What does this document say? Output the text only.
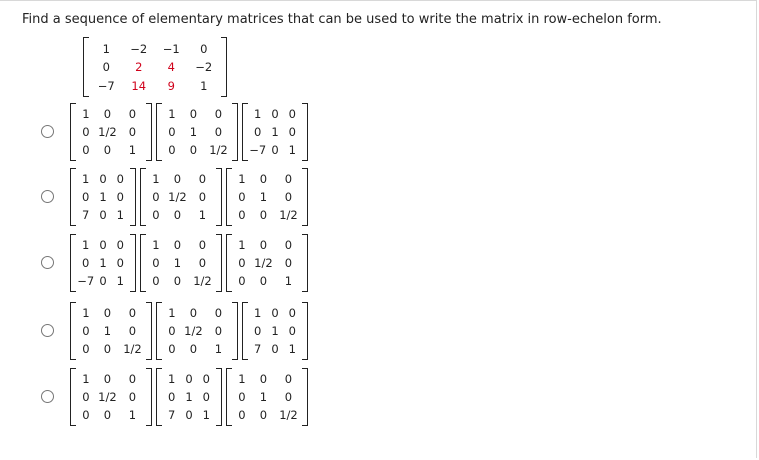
Find a sequence of elementary matrices that can be used to write the matrix in row-echelon form.
1	−2	−1	0
0	2	4	−2
−7	14	9	1
1	0	0
0 1/2	0
0	0	1
1	0	0
0	1	0
0	0	1/2
1 0 0
0 1 0
−7 0 1
1 0 0
0 1 0
7 0 1
1	0	0
0 1/2	0
0	0	1
1	0	0
0	1	0
0	0	1/2
1 0 0
0 1 0
−7 0 1
1	0	0
0	1	0
0	0	1/2
1	0	0
0 1/2	0
0	0	1
1	0	0
0	1	0
0	0	1/2
1	0	0
0 1/2	0
0	0	1
1 0 0
0 1 0
7 0 1
1	0	0
0 1/2	0
0	0	1
1 0 0
0 1 0
7 0 1
1	0	0
0	1	0
0	0	1/2
